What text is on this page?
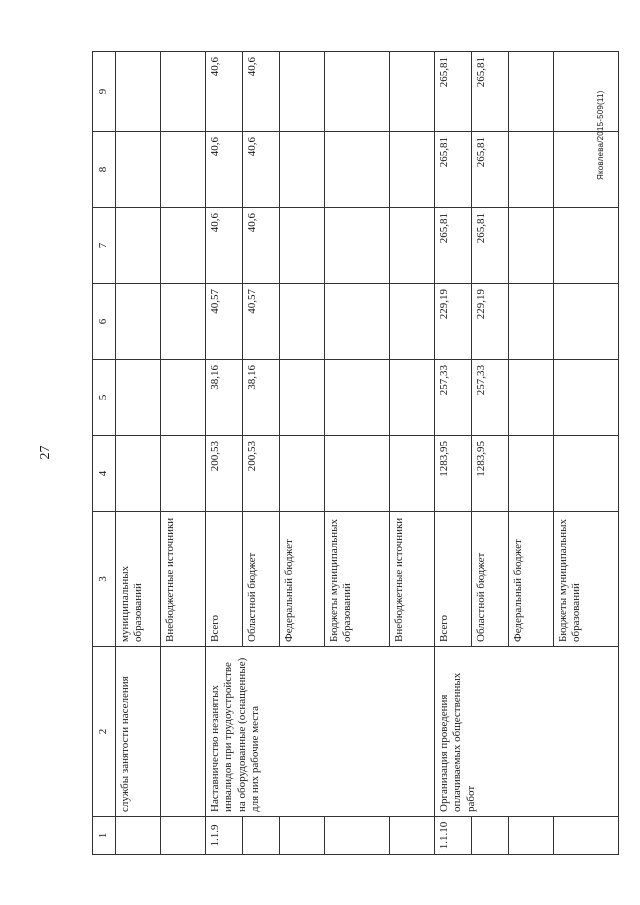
27
1	2	3	4	5	6	7	8	9
	службы занятости населения	муниципальных образований						
		Внебюджетные источники						
1.1.9	Наставничество незанятых инвалидов при трудоустройстве на оборудованные (оснащенные) для них рабочие места	Всего	200,53	38,16	40,57	40,6	40,6	40,6
		Областной бюджет	200,53	38,16	40,57	40,6	40,6	40,6
		Федеральный бюджет						
		Бюджеты муниципальных образований						
		Внебюджетные источники						
1.1.10	Организация проведения оплачиваемых общественных работ	Всего	1283,95	257,33	229,19	265,81	265,81	265,81
		Областной бюджет	1283,95	257,33	229,19	265,81	265,81	265,81
		Федеральный бюджет						
		Бюджеты муниципальных образований						
Яковлева/2015-509(11)
